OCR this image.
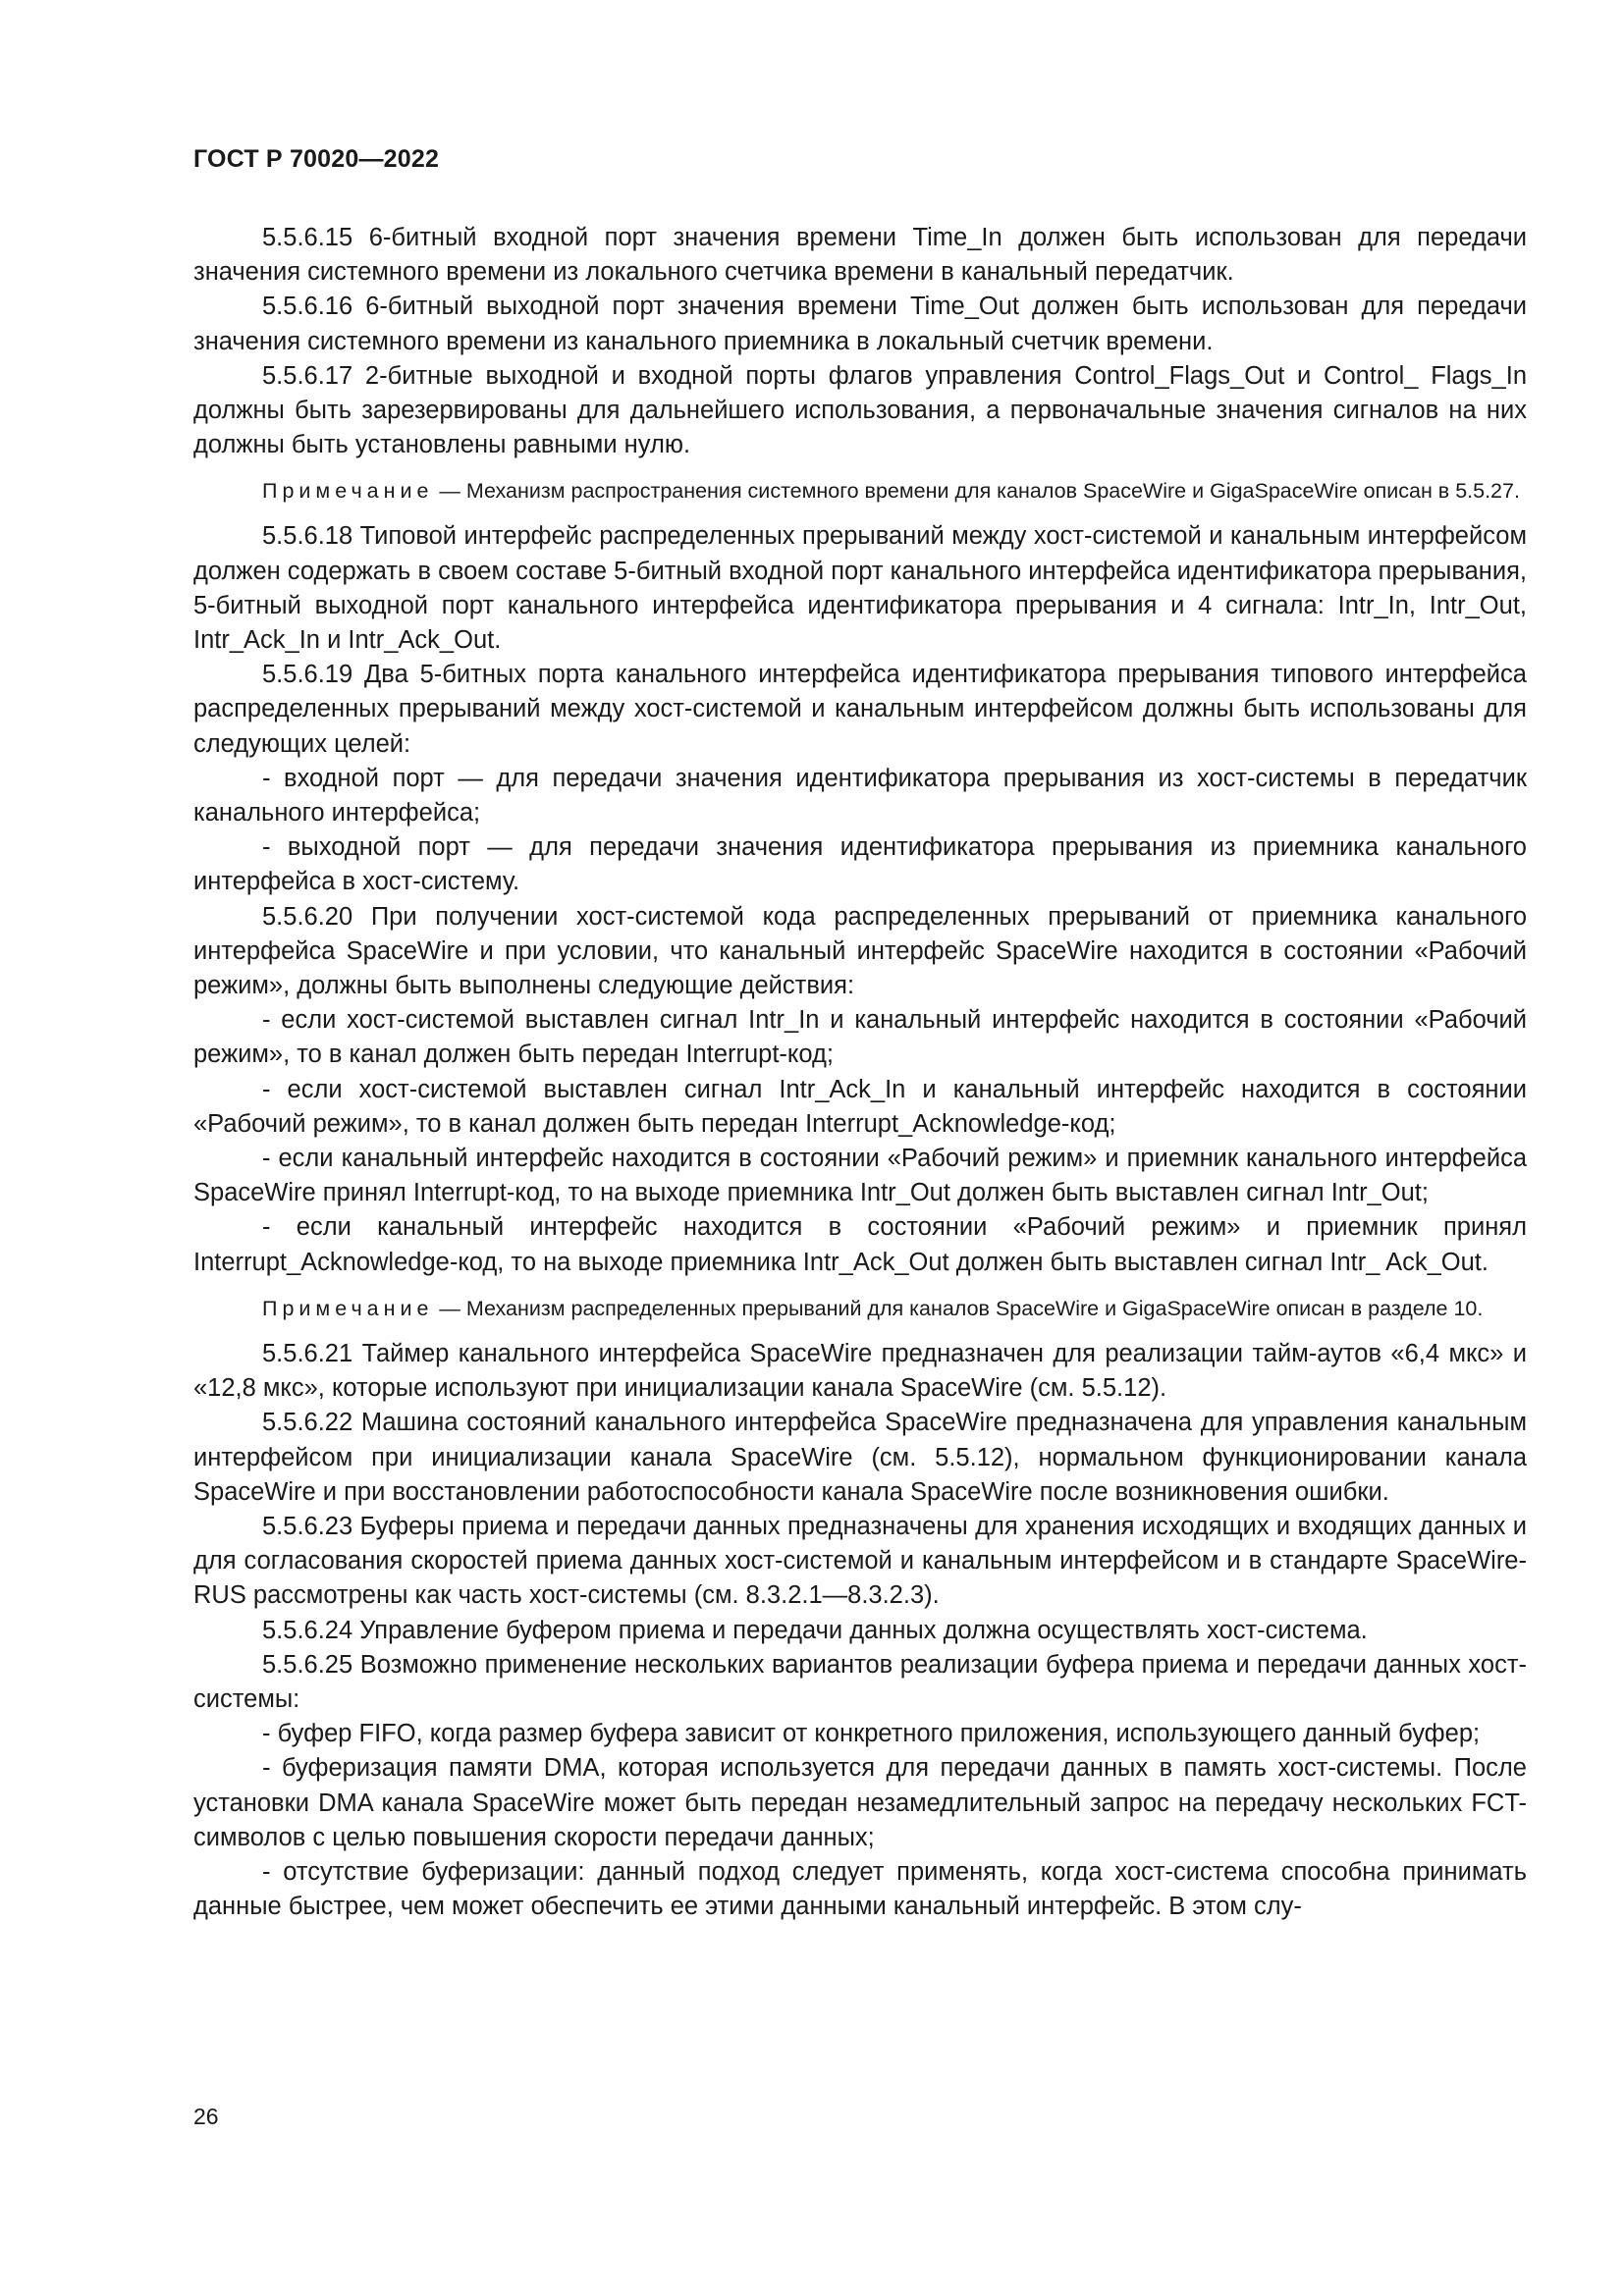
ГОСТ Р 70020—2022

5.5.6.15 6-битный входной порт значения времени Time_In должен быть использован для передачи значения системного времени из локального счетчика времени в канальный передатчик.

5.5.6.16 6-битный выходной порт значения времени Time_Out должен быть использован для передачи значения системного времени из канального приемника в локальный счетчик времени.

5.5.6.17 2-битные выходной и входной порты флагов управления Control_Flags_Out и Control_ Flags_In должны быть зарезервированы для дальнейшего использования, а первоначальные значения сигналов на них должны быть установлены равными нулю.

Примечание — Механизм распространения системного времени для каналов SpaceWire и GigaSpaceWire описан в 5.5.27.

5.5.6.18 Типовой интерфейс распределенных прерываний между хост-системой и канальным интерфейсом должен содержать в своем составе 5-битный входной порт канального интерфейса идентификатора прерывания, 5-битный выходной порт канального интерфейса идентификатора прерывания и 4 сигнала: Intr_In, Intr_Out, Intr_Ack_In и Intr_Ack_Out.

5.5.6.19 Два 5-битных порта канального интерфейса идентификатора прерывания типового интерфейса распределенных прерываний между хост-системой и канальным интерфейсом должны быть использованы для следующих целей:

- входной порт — для передачи значения идентификатора прерывания из хост-системы в передатчик канального интерфейса;

- выходной порт — для передачи значения идентификатора прерывания из приемника канального интерфейса в хост-систему.

5.5.6.20 При получении хост-системой кода распределенных прерываний от приемника канального интерфейса SpaceWire и при условии, что канальный интерфейс SpaceWire находится в состоянии «Рабочий режим», должны быть выполнены следующие действия:

- если хост-системой выставлен сигнал Intr_In и канальный интерфейс находится в состоянии «Рабочий режим», то в канал должен быть передан Interrupt-код;

- если хост-системой выставлен сигнал Intr_Ack_In и канальный интерфейс находится в состоянии «Рабочий режим», то в канал должен быть передан Interrupt_Acknowledge-код;

- если канальный интерфейс находится в состоянии «Рабочий режим» и приемник канального интерфейса SpaceWire принял Interrupt-код, то на выходе приемника Intr_Out должен быть выставлен сигнал Intr_Out;

- если канальный интерфейс находится в состоянии «Рабочий режим» и приемник принял Interrupt_Acknowledge-код, то на выходе приемника Intr_Ack_Out должен быть выставлен сигнал Intr_ Ack_Out.

Примечание — Механизм распределенных прерываний для каналов SpaceWire и GigaSpaceWire описан в разделе 10.

5.5.6.21 Таймер канального интерфейса SpaceWire предназначен для реализации тайм-аутов «6,4 мкс» и «12,8 мкс», которые используют при инициализации канала SpaceWire (см. 5.5.12).

5.5.6.22 Машина состояний канального интерфейса SpaceWire предназначена для управления канальным интерфейсом при инициализации канала SpaceWire (см. 5.5.12), нормальном функционировании канала SpaceWire и при восстановлении работоспособности канала SpaceWire после возникновения ошибки.

5.5.6.23 Буферы приема и передачи данных предназначены для хранения исходящих и входящих данных и для согласования скоростей приема данных хост-системой и канальным интерфейсом и в стандарте SpaceWire-RUS рассмотрены как часть хост-системы (см. 8.3.2.1—8.3.2.3).

5.5.6.24 Управление буфером приема и передачи данных должна осуществлять хост-система.

5.5.6.25 Возможно применение нескольких вариантов реализации буфера приема и передачи данных хост-системы:

- буфер FIFO, когда размер буфера зависит от конкретного приложения, использующего данный буфер;

- буферизация памяти DMA, которая используется для передачи данных в память хост-системы. После установки DMA канала SpaceWire может быть передан незамедлительный запрос на передачу нескольких FCT-символов с целью повышения скорости передачи данных;

- отсутствие буферизации: данный подход следует применять, когда хост-система способна принимать данные быстрее, чем может обеспечить ее этими данными канальный интерфейс. В этом слу-

26
